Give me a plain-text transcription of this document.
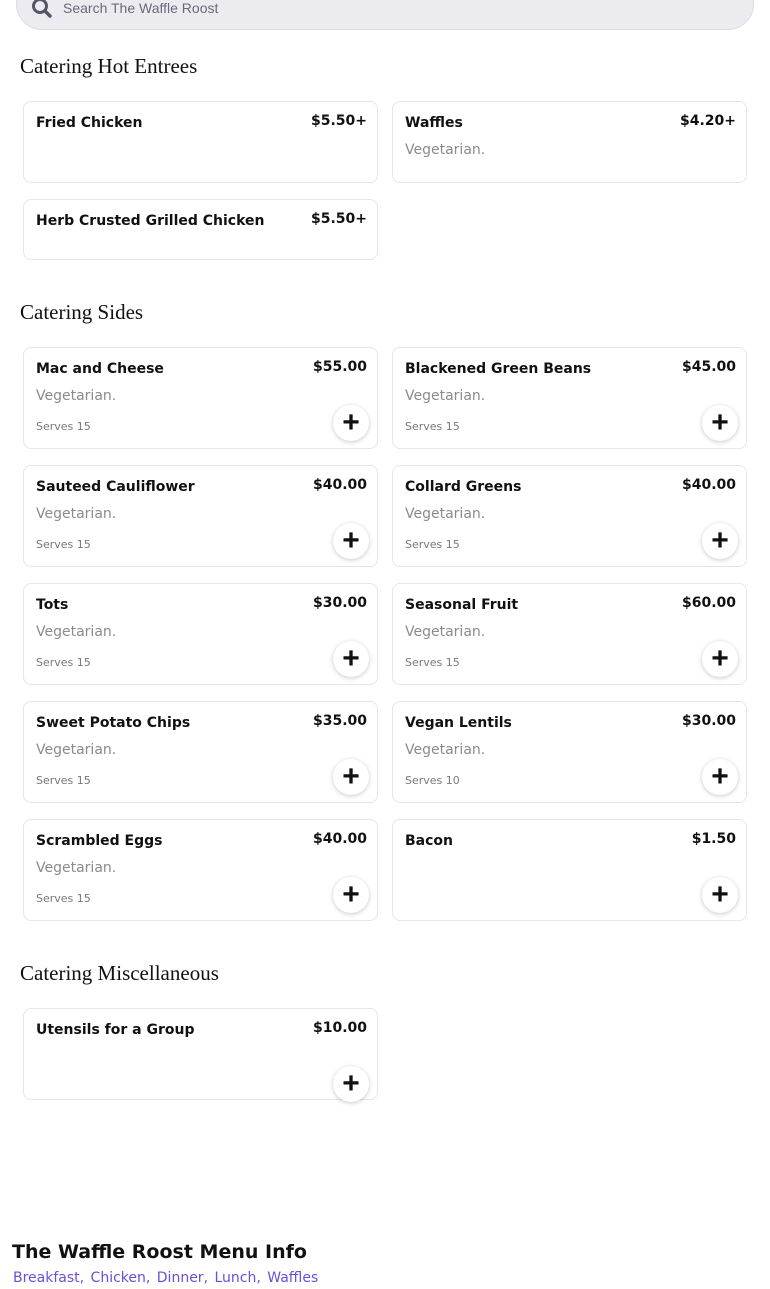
Search The Waffle Roost
Catering Hot Entrees
Fried Chicken	$5.50+	Waffles	$4.20+
Vegetarian.
Herb Crusted Grilled Chicken	$5.50+
Catering Sides
Mac and Cheese	$55.00
Vegetarian.
Serves 15	+
Blackened Green Beans	$45.00
Vegetarian.
Serves 15	+
Sauteed Cauliflower	$40.00
Vegetarian.
Serves 15	+
Collard Greens	$40.00
Vegetarian.
Serves 15	+
Tots	$30.00
Vegetarian.
Serves 15	+
Seasonal Fruit	$60.00
Vegetarian.
Serves 15	+
Sweet Potato Chips	$35.00
Vegetarian.
Serves 15	+
Vegan Lentils	$30.00
Vegetarian.
Serves 10	+
Scrambled Eggs	$40.00
Vegetarian.
Serves 15	+
Bacon	$1.50
+
Catering Miscellaneous
Utensils for a Group	$10.00
+
The Waffle Roost Menu Info
Breakfast, Chicken, Dinner, Lunch, Waffles
